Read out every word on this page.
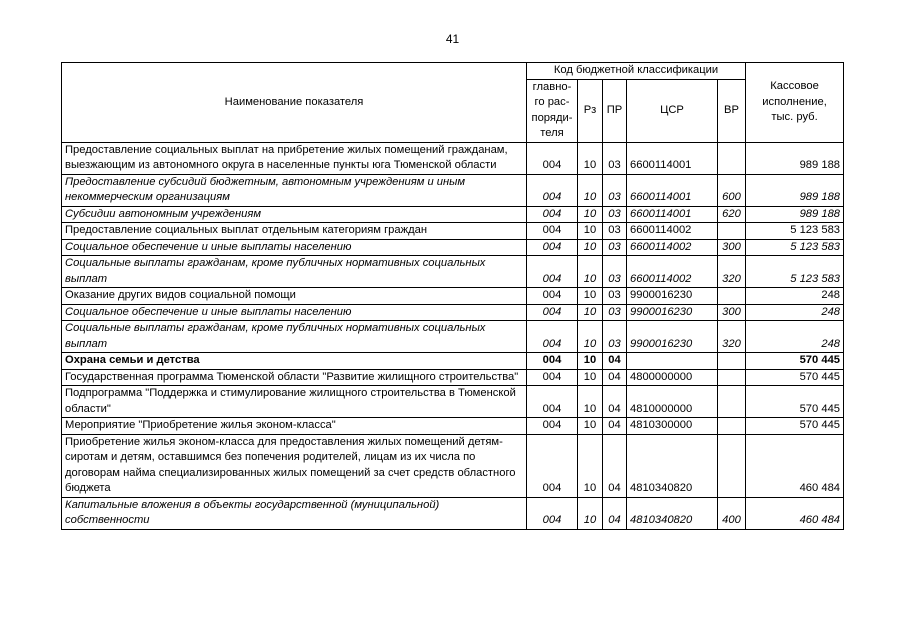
41
Наименование показателя	Код бюджетной классификации					Кассовое
исполнение,
тыс. руб.
	главно-
го рас-
поряди-
теля	Рз	ПР	ЦСР	ВР	
Предоставление социальных выплат на прибретение жилых помещений гражданам, выезжающим из автономного округа в населенные пункты юга Тюменской области	004	10	03	6600114001		989 188
Предоставление субсидий бюджетным, автономным учреждениям и иным некоммерческим организациям	004	10	03	6600114001	600	989 188
Субсидии автономным учреждениям	004	10	03	6600114001	620	989 188
Предоставление социальных выплат отдельным категориям граждан	004	10	03	6600114002		5 123 583
Социальное обеспечение и иные выплаты населению	004	10	03	6600114002	300	5 123 583
Социальные выплаты гражданам, кроме публичных нормативных социальных выплат	004	10	03	6600114002	320	5 123 583
Оказание других видов социальной помощи	004	10	03	9900016230		248
Социальное обеспечение и иные выплаты населению	004	10	03	9900016230	300	248
Социальные выплаты гражданам, кроме публичных нормативных социальных выплат	004	10	03	9900016230	320	248
Охрана семьи и детства	004	10	04			570 445
Государственная программа Тюменской области "Развитие жилищного строительства"	004	10	04	4800000000		570 445
Подпрограмма "Поддержка и стимулирование жилищного строительства в Тюменской области"	004	10	04	4810000000		570 445
Мероприятие "Приобретение жилья эконом-класса"	004	10	04	4810300000		570 445
Приобретение жилья эконом-класса для предоставления жилых помещений детям-сиротам и детям, оставшимся без попечения родителей, лицам из их числа по договорам найма специализированных жилых помещений за счет средств областного бюджета	004	10	04	4810340820		460 484
Капитальные вложения в объекты государственной (муниципальной) собственности	004	10	04	4810340820	400	460 484
